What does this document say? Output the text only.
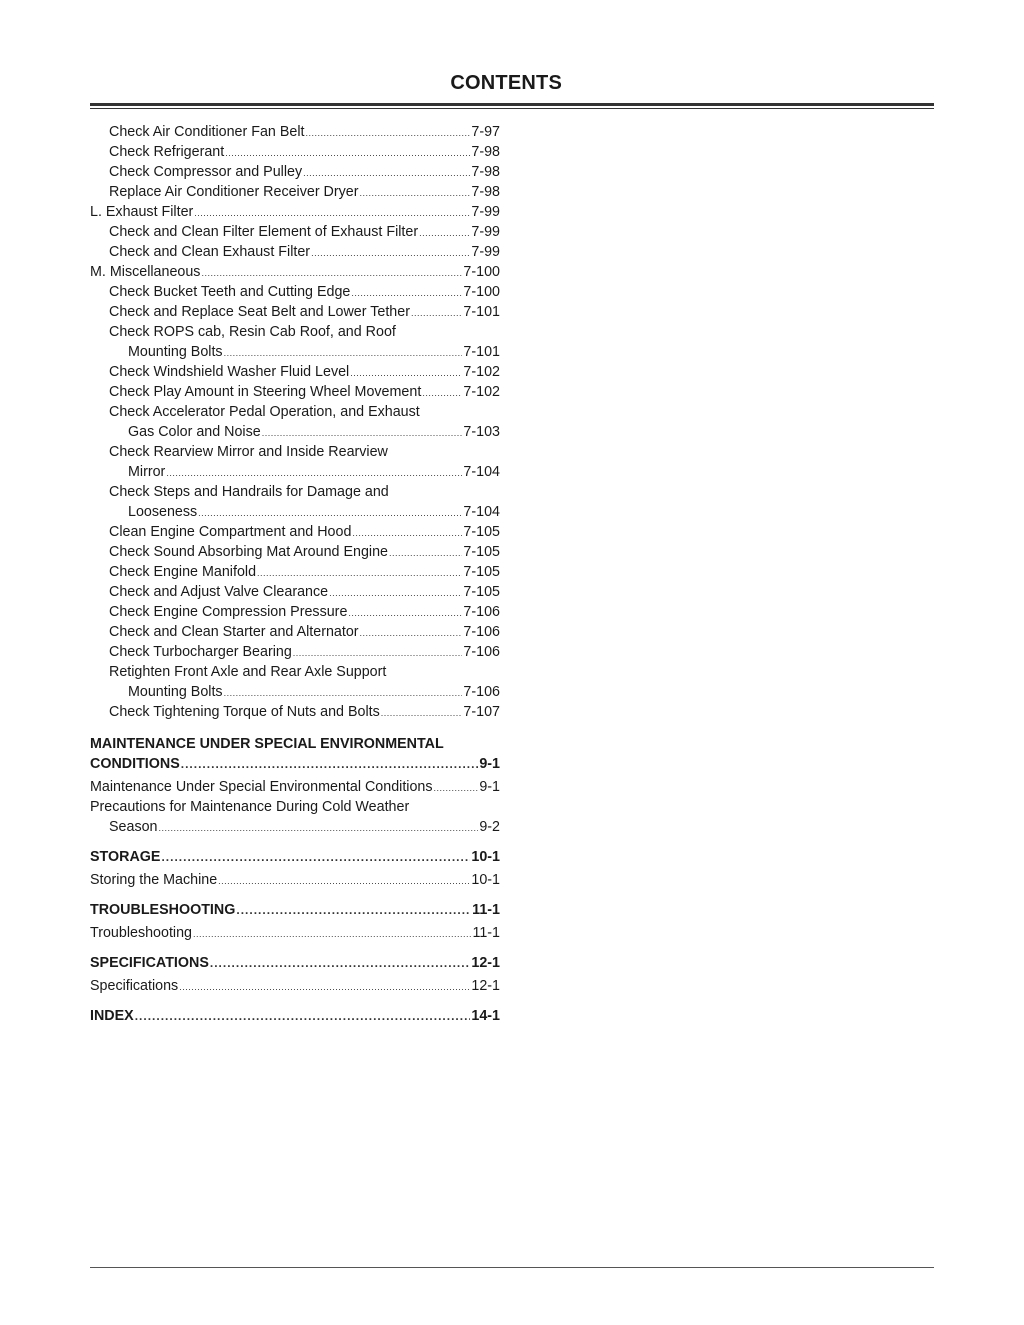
CONTENTS
Check Air Conditioner Fan Belt .....	7-97
Check Refrigerant .....	7-98
Check Compressor and Pulley .....	7-98
Replace Air Conditioner Receiver Dryer .....	7-98
L. Exhaust Filter .....	7-99
Check and Clean Filter Element of Exhaust Filter .....	7-99
Check and Clean Exhaust Filter .....	7-99
M. Miscellaneous .....	7-100
Check Bucket Teeth and Cutting Edge .....	7-100
Check and Replace Seat Belt and Lower Tether .....	7-101
Check ROPS cab, Resin Cab Roof, and Roof
Mounting Bolts .....	7-101
Check Windshield Washer Fluid Level .....	7-102
Check Play Amount in Steering Wheel Movement .....	7-102
Check Accelerator Pedal Operation, and Exhaust
Gas Color and Noise .....	7-103
Check Rearview Mirror and Inside Rearview
Mirror .....	7-104
Check Steps and Handrails for Damage and
Looseness .....	7-104
Clean Engine Compartment and Hood .....	7-105
Check Sound Absorbing Mat Around Engine .....	7-105
Check Engine Manifold .....	7-105
Check and Adjust Valve Clearance .....	7-105
Check Engine Compression Pressure .....	7-106
Check and Clean Starter and Alternator .....	7-106
Check Turbocharger Bearing .....	7-106
Retighten Front Axle and Rear Axle Support
Mounting Bolts .....	7-106
Check Tightening Torque of Nuts and Bolts .....	7-107
MAINTENANCE UNDER SPECIAL ENVIRONMENTAL
CONDITIONS .....	9-1
Maintenance Under Special Environmental Conditions .....	9-1
Precautions for Maintenance During Cold Weather
Season .....	9-2
STORAGE .....	10-1
Storing the Machine .....	10-1
TROUBLESHOOTING .....	11-1
Troubleshooting .....	11-1
SPECIFICATIONS .....	12-1
Specifications .....	12-1
INDEX .....	14-1
